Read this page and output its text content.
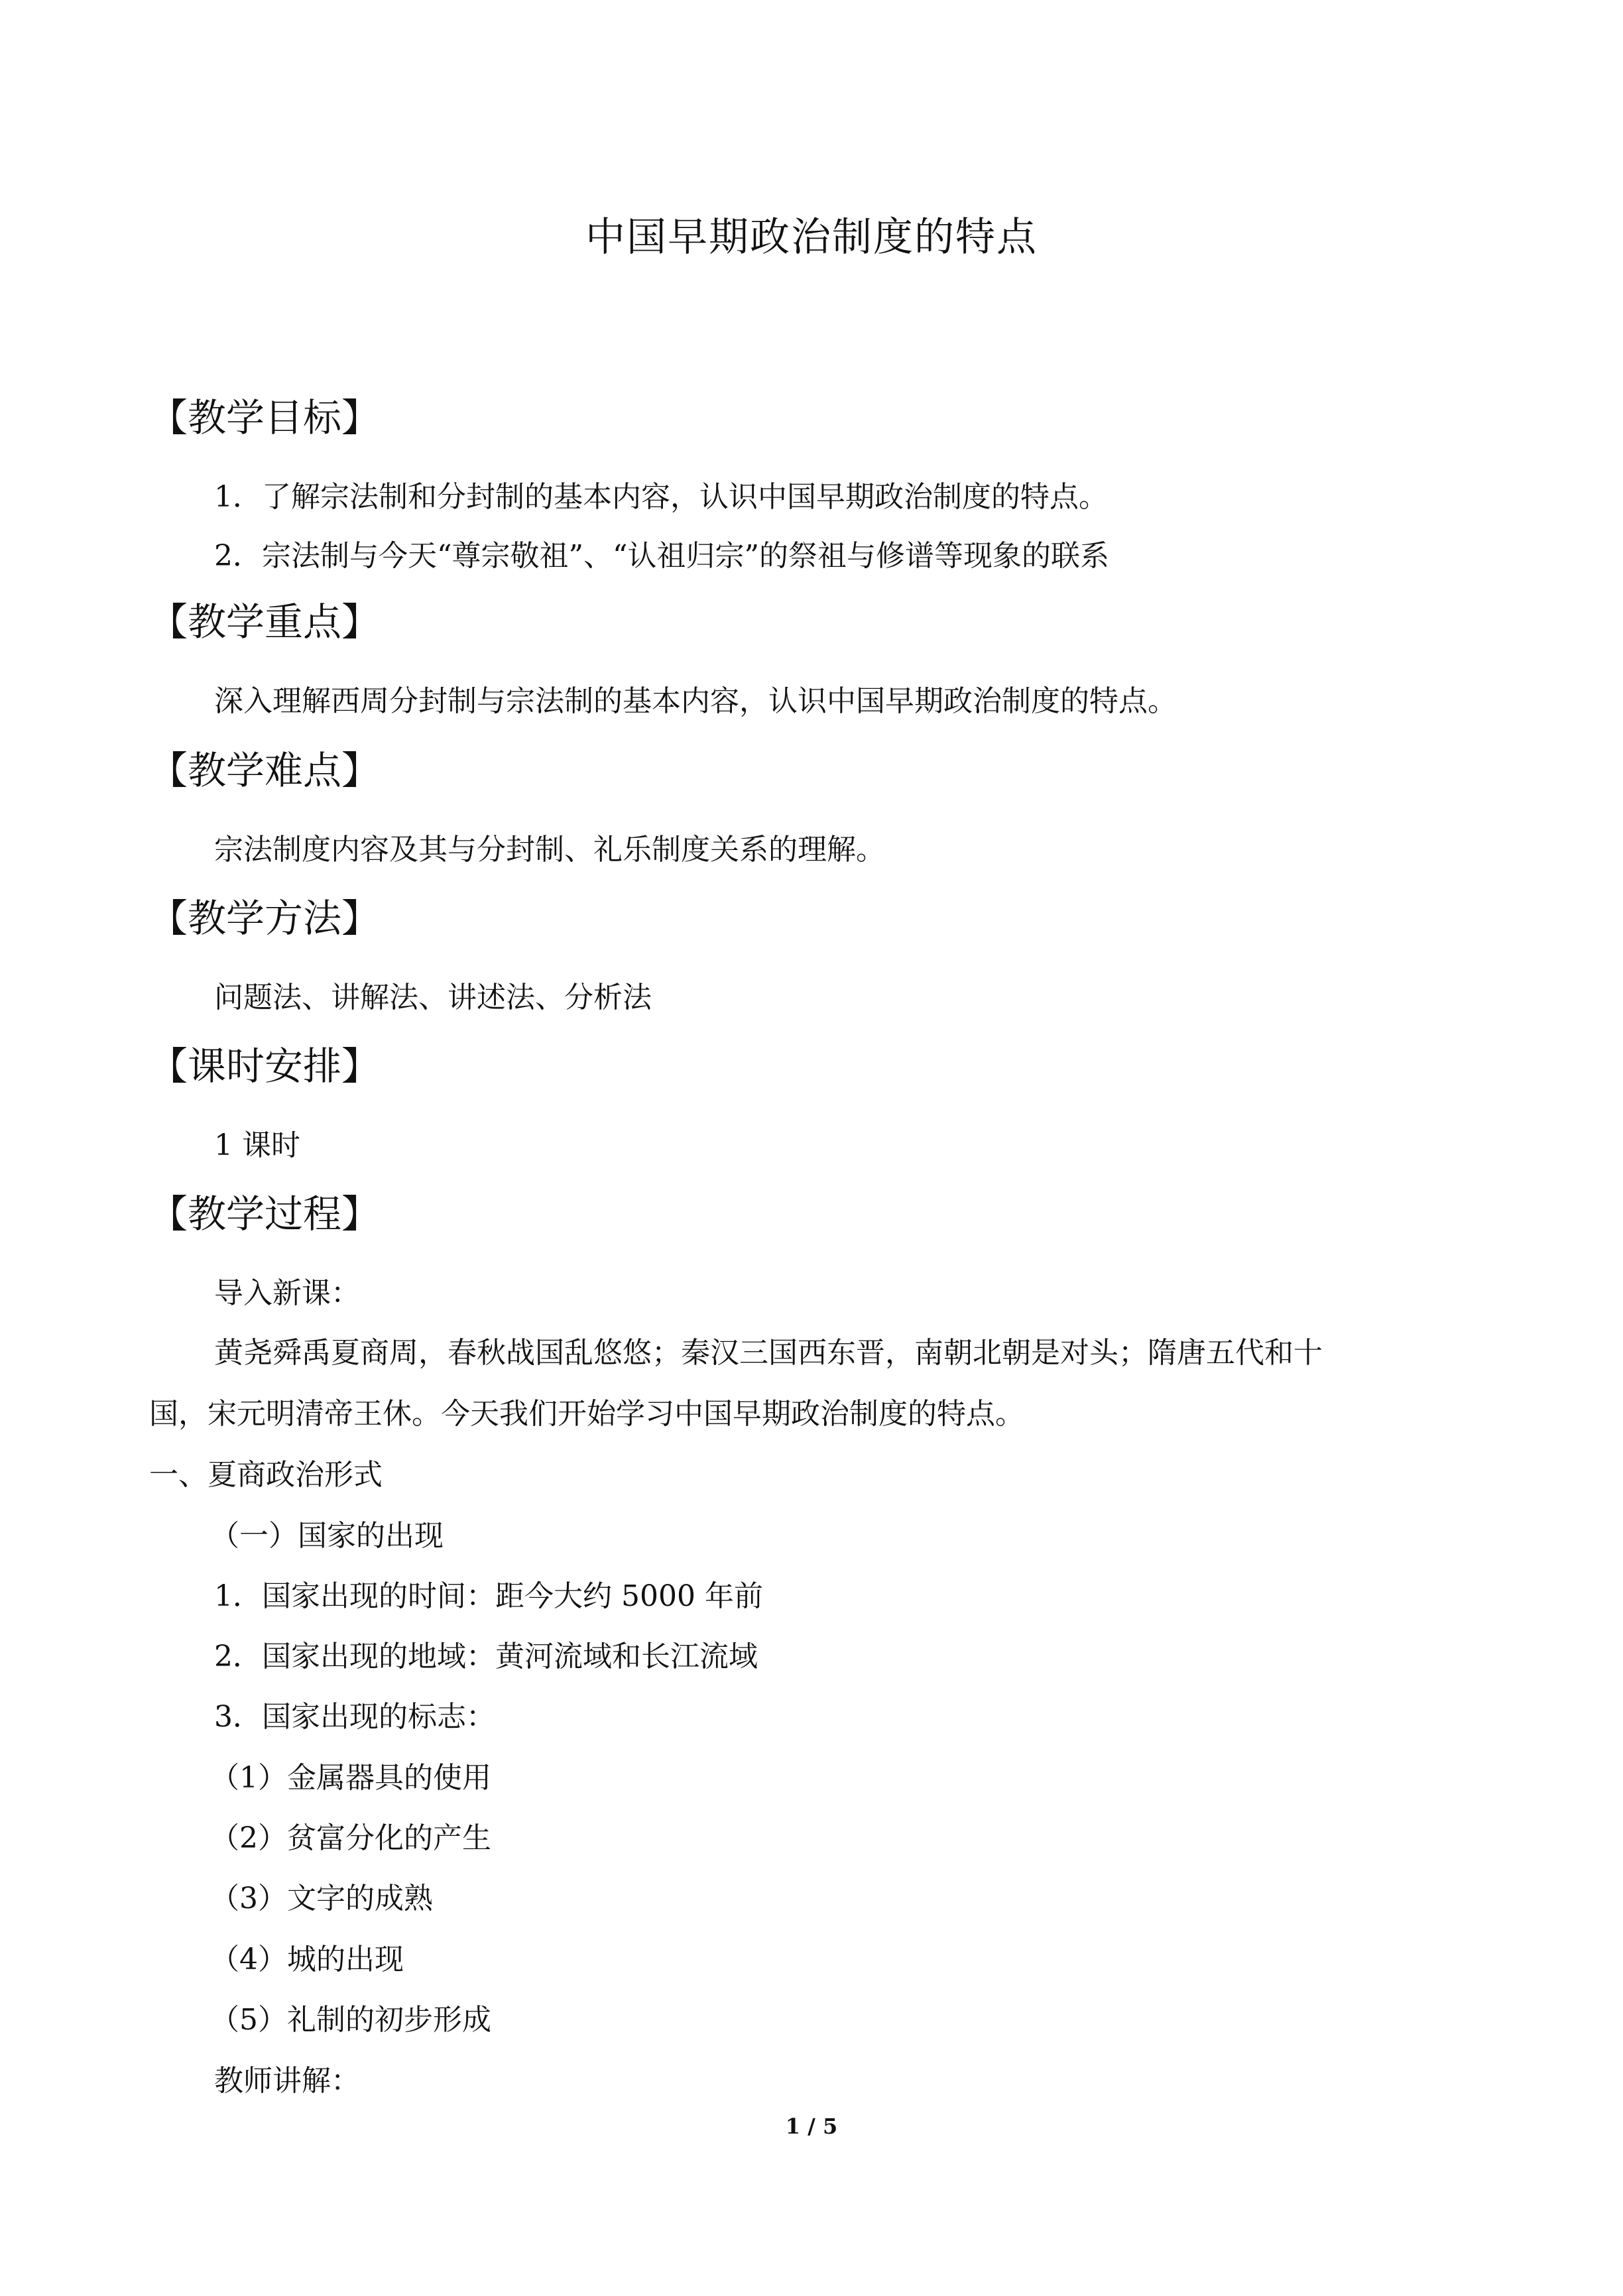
中国早期政治制度的特点
【教学目标】
1．了解宗法制和分封制的基本内容，认识中国早期政治制度的特点。
2．宗法制与今天“尊宗敬祖”、“认祖归宗”的祭祖与修谱等现象的联系
【教学重点】
深入理解西周分封制与宗法制的基本内容，认识中国早期政治制度的特点。
【教学难点】
宗法制度内容及其与分封制、礼乐制度关系的理解。
【教学方法】
问题法、讲解法、讲述法、分析法
【课时安排】
1 课时
【教学过程】
导入新课：
黄尧舜禹夏商周，春秋战国乱悠悠；秦汉三国西东晋，南朝北朝是对头；隋唐五代和十
国，宋元明清帝王休。今天我们开始学习中国早期政治制度的特点。
一、夏商政治形式
（一）国家的出现
1．国家出现的时间：距今大约 5000 年前
2．国家出现的地域：黄河流域和长江流域
3．国家出现的标志：
（1）金属器具的使用
（2）贫富分化的产生
（3）文字的成熟
（4）城的出现
（5）礼制的初步形成
教师讲解：
1 / 5
